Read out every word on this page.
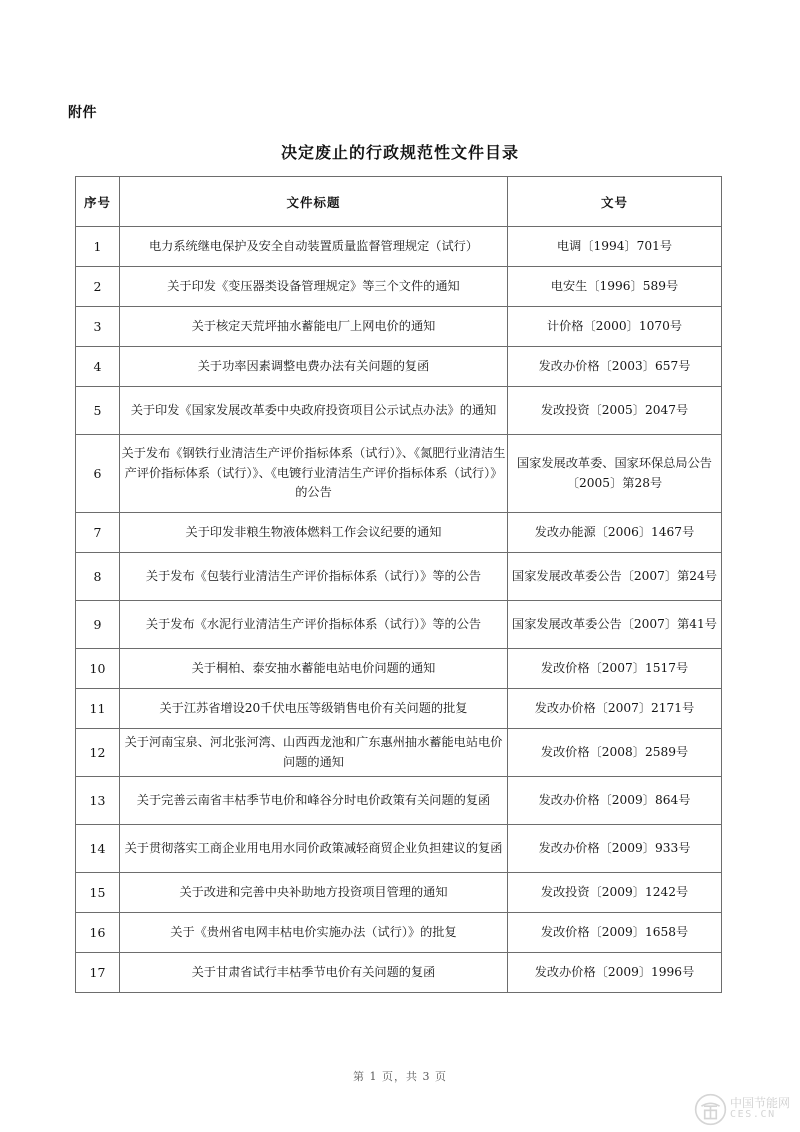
附件
决定废止的行政规范性文件目录
序号	文件标题	文号
1	电力系统继电保护及安全自动装置质量监督管理规定（试行）	电调〔1994〕701号
2	关于印发《变压器类设备管理规定》等三个文件的通知	电安生〔1996〕589号
3	关于核定天荒坪抽水蓄能电厂上网电价的通知	计价格〔2000〕1070号
4	关于功率因素调整电费办法有关问题的复函	发改办价格〔2003〕657号
5	关于印发《国家发展改革委中央政府投资项目公示试点办法》的通知	发改投资〔2005〕2047号
6	关于发布《钢铁行业清洁生产评价指标体系（试行）》、《氮肥行业清洁生产评价指标体系（试行）》、《电镀行业清洁生产评价指标体系（试行）》的公告	国家发展改革委、国家环保总局公告　〔2005〕第28号
7	关于印发非粮生物液体燃料工作会议纪要的通知	发改办能源〔2006〕1467号
8	关于发布《包装行业清洁生产评价指标体系（试行）》等的公告	国家发展改革委公告〔2007〕第24号
9	关于发布《水泥行业清洁生产评价指标体系（试行）》等的公告	国家发展改革委公告〔2007〕第41号
10	关于桐柏、泰安抽水蓄能电站电价问题的通知	发改价格〔2007〕1517号
11	关于江苏省增设20千伏电压等级销售电价有关问题的批复	发改办价格〔2007〕2171号
12	关于河南宝泉、河北张河湾、山西西龙池和广东惠州抽水蓄能电站电价问题的通知	发改价格〔2008〕2589号
13	关于完善云南省丰枯季节电价和峰谷分时电价政策有关问题的复函	发改办价格〔2009〕864号
14	关于贯彻落实工商企业用电用水同价政策减轻商贸企业负担建议的复函	发改办价格〔2009〕933号
15	关于改进和完善中央补助地方投资项目管理的通知	发改投资〔2009〕1242号
16	关于《贵州省电网丰枯电价实施办法（试行）》的批复	发改价格〔2009〕1658号
17	关于甘肃省试行丰枯季节电价有关问题的复函	发改办价格〔2009〕1996号
第 1 页，共 3 页
中国节能网
CES.CN
